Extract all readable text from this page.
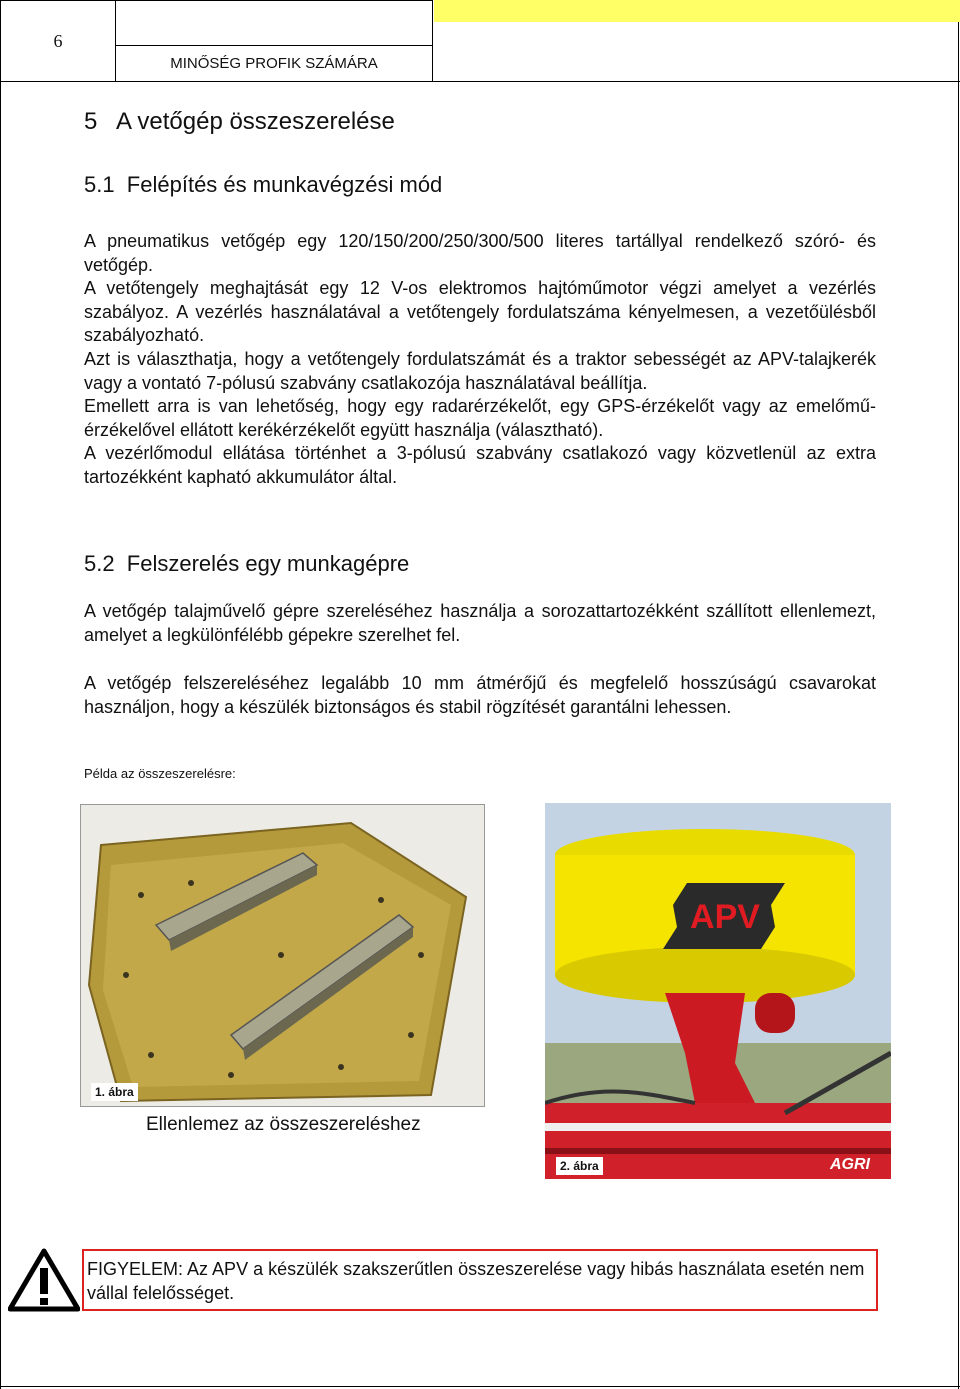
6
MINŐSÉG PROFIK SZÁMÁRA
5   A vetőgép összeszerelése
5.1  Felépítés és munkavégzési mód

A pneumatikus vetőgép egy 120/150/200/250/300/500 literes tartállyal rendelkező szóró- és vetőgép.

A vetőtengely meghajtását egy 12 V-os elektromos hajtóműmotor végzi amelyet a vezérlés szabályoz. A vezérlés használatával a vetőtengely fordulatszáma kényelmesen, a vezetőülésből szabályozható.

Azt is választhatja, hogy a vetőtengely fordulatszámát és a traktor sebességét az APV-talajkerék vagy a vontató 7-pólusú szabvány csatlakozója használatával beállítja.

Emellett arra is van lehetőség, hogy egy radarérzékelőt, egy GPS-érzékelőt vagy az emelőmű-érzékelővel ellátott kerékérzékelőt együtt használja (választható).

A vezérlőmodul ellátása történhet a 3-pólusú szabvány csatlakozó vagy közvetlenül az extra tartozékként kapható akkumulátor által.

5.2  Felszerelés egy munkagépre

A vetőgép talajművelő gépre szereléséhez használja a sorozattartozékként szállított ellenlemezt, amelyet a legkülönfélébb gépekre szerelhet fel.

A vetőgép felszereléséhez legalább 10 mm átmérőjű és megfelelő hosszúságú csavarokat használjon, hogy a készülék biztonságos és stabil rögzítését garantálni lehessen.

Példa az összeszerelésre:
1. ábra
Ellenlemez az összeszereléshez
APV
AGRI
2. ábra
FIGYELEM: Az APV a készülék szakszerűtlen összeszerelése vagy hibás használata esetén nem vállal felelősséget.
